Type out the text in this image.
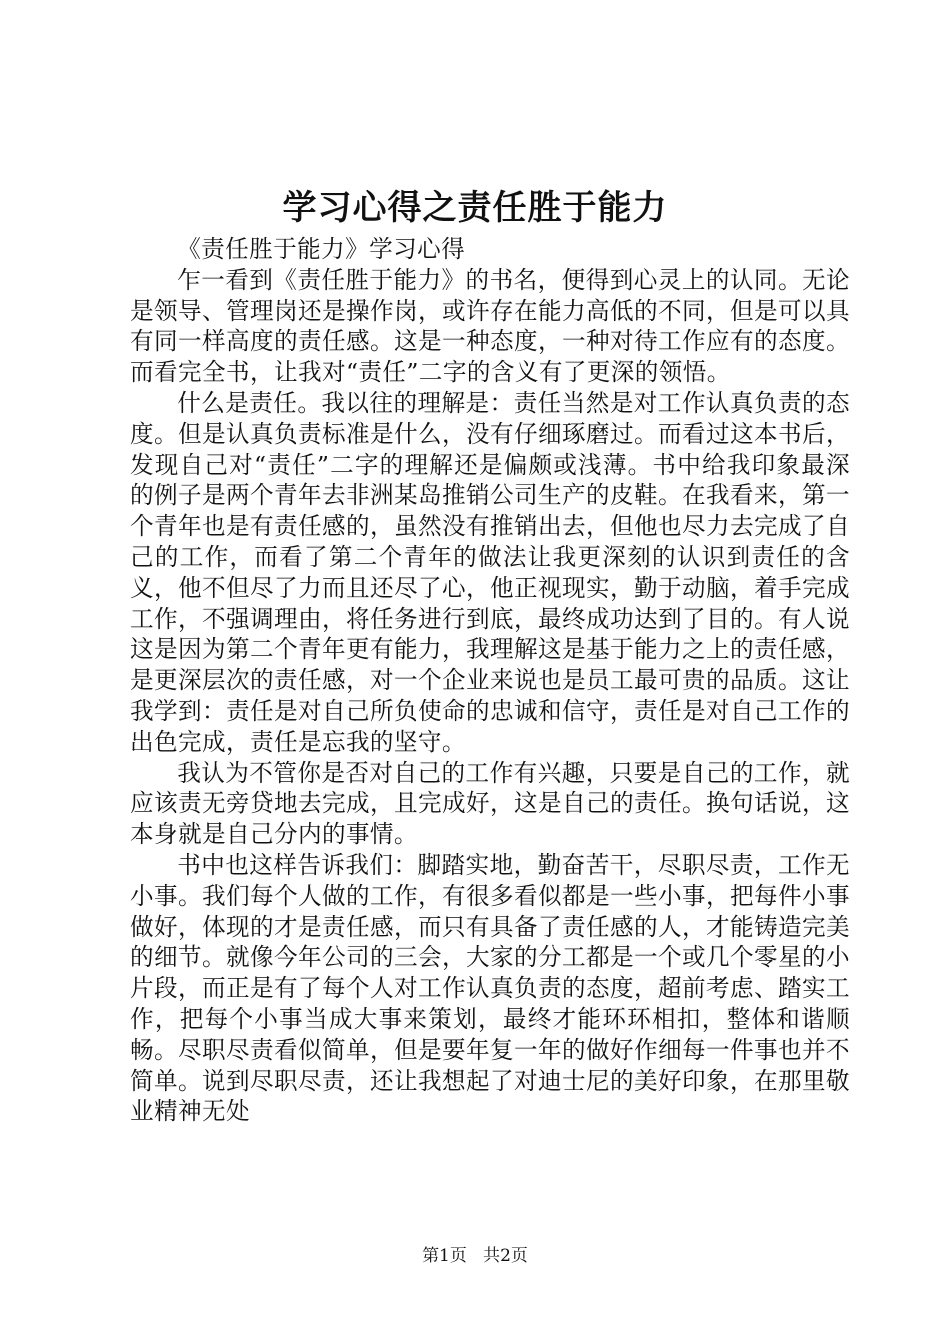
学习心得之责任胜于能力

《责任胜于能力》学习心得

乍一看到《责任胜于能力》的书名，便得到心灵上的认同。无论是领导、管理岗还是操作岗，或许存在能力高低的不同，但是可以具有同一样高度的责任感。这是一种态度，一种对待工作应有的态度。而看完全书，让我对“责任”二字的含义有了更深的领悟。

什么是责任。我以往的理解是：责任当然是对工作认真负责的态度。但是认真负责标准是什么，没有仔细琢磨过。而看过这本书后，发现自己对“责任”二字的理解还是偏颇或浅薄。书中给我印象最深的例子是两个青年去非洲某岛推销公司生产的皮鞋。在我看来，第一个青年也是有责任感的，虽然没有推销出去，但他也尽力去完成了自己的工作，而看了第二个青年的做法让我更深刻的认识到责任的含义，他不但尽了力而且还尽了心，他正视现实，勤于动脑，着手完成工作，不强调理由，将任务进行到底，最终成功达到了目的。有人说这是因为第二个青年更有能力，我理解这是基于能力之上的责任感，是更深层次的责任感，对一个企业来说也是员工最可贵的品质。这让我学到：责任是对自己所负使命的忠诚和信守，责任是对自己工作的出色完成，责任是忘我的坚守。

我认为不管你是否对自己的工作有兴趣，只要是自己的工作，就应该责无旁贷地去完成，且完成好，这是自己的责任。换句话说，这本身就是自己分内的事情。

书中也这样告诉我们：脚踏实地，勤奋苦干，尽职尽责，工作无小事。我们每个人做的工作，有很多看似都是一些小事，把每件小事做好，体现的才是责任感，而只有具备了责任感的人，才能铸造完美的细节。就像今年公司的三会，大家的分工都是一个或几个零星的小片段，而正是有了每个人对工作认真负责的态度，超前考虑、踏实工作，把每个小事当成大事来策划，最终才能环环相扣，整体和谐顺畅。尽职尽责看似简单，但是要年复一年的做好作细每一件事也并不简单。说到尽职尽责，还让我想起了对迪士尼的美好印象，在那里敬业精神无处

第1页 共2页
